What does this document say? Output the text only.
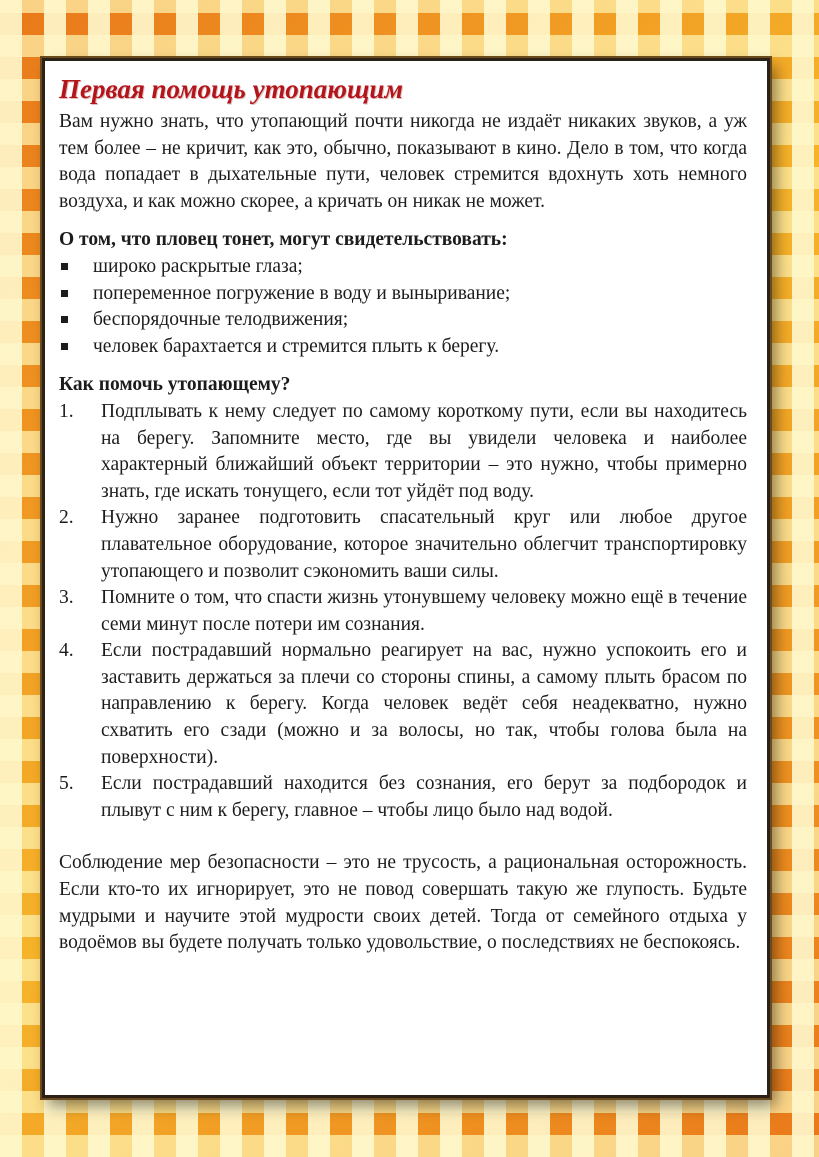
Первая помощь утопающим

Вам нужно знать, что утопающий почти никогда не издаёт никаких звуков, а уж тем более – не кричит, как это, обычно, показывают в кино. Дело в том, что когда вода попадает в дыхательные пути, человек стремится вдохнуть хоть немного воздуха, и как можно скорее, а кричать он никак не может.

О том, что пловец тонет, могут свидетельствовать:

широко раскрытые глаза;
попеременное погружение в воду и выныривание;
беспорядочные телодвижения;
человек барахтается и стремится плыть к берегу.

Как помочь утопающему?

1. Подплывать к нему следует по самому короткому пути, если вы находитесь на берегу. Запомните место, где вы увидели человека и наиболее характерный ближайший объект территории – это нужно, чтобы примерно знать, где искать тонущего, если тот уйдёт под воду.
2. Нужно заранее подготовить спасательный круг или любое другое плавательное оборудование, которое значительно облегчит транспортировку утопающего и позволит сэкономить ваши силы.
3. Помните о том, что спасти жизнь утонувшему человеку можно ещё в течение семи минут после потери им сознания.
4. Если пострадавший нормально реагирует на вас, нужно успокоить его и заставить держаться за плечи со стороны спины, а самому плыть брасом по направлению к берегу. Когда человек ведёт себя неадекватно, нужно схватить его сзади (можно и за волосы, но так, чтобы голова была на поверхности).
5. Если пострадавший находится без сознания, его берут за подбородок и плывут с ним к берегу, главное – чтобы лицо было над водой.

Соблюдение мер безопасности – это не трусость, а рациональная осторожность. Если кто-то их игнорирует, это не повод совершать такую же глупость. Будьте мудрыми и научите этой мудрости своих детей. Тогда от семейного отдыха у водоёмов вы будете получать только удовольствие, о последствиях не беспокоясь.
